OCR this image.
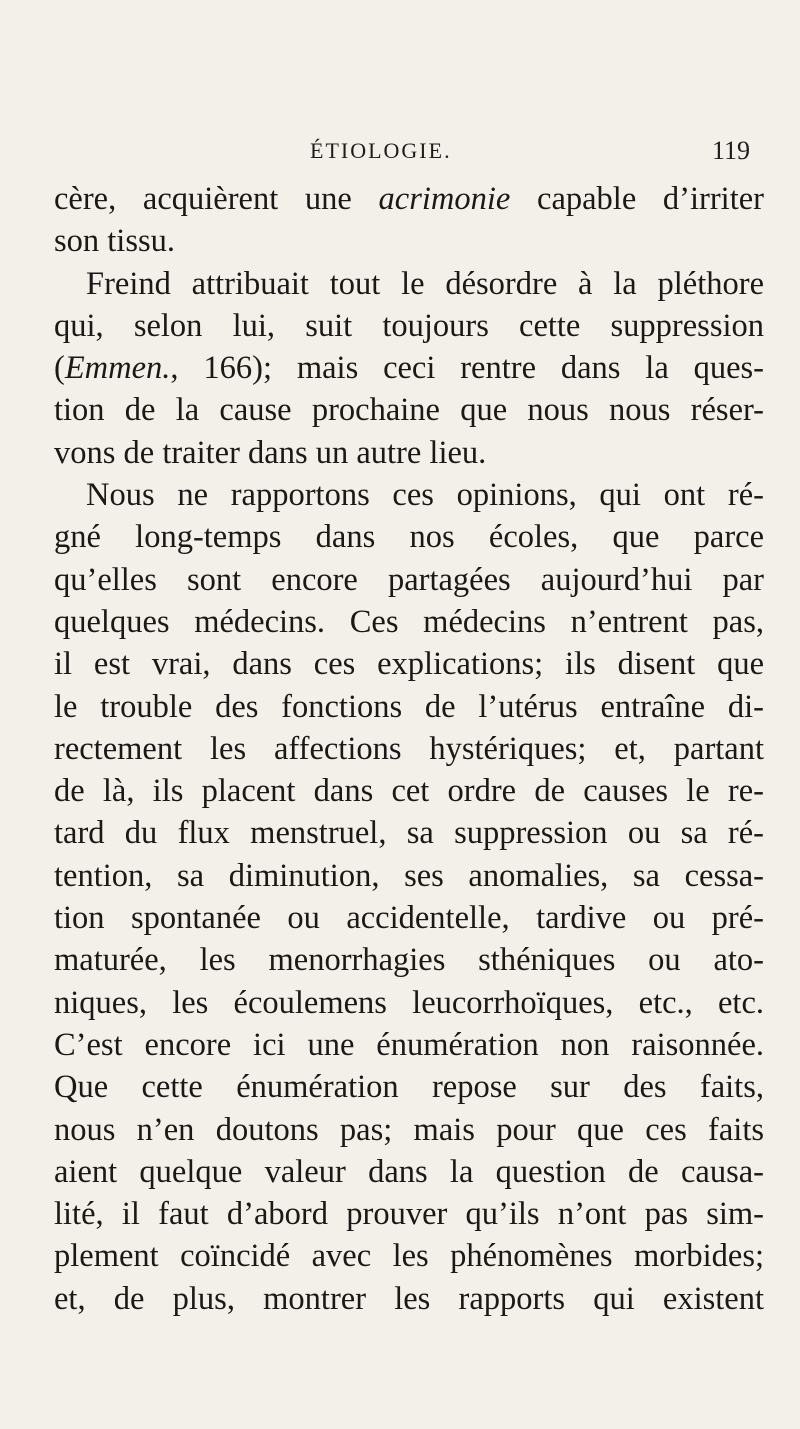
ÉTIOLOGIE.	119
cère, acquièrent une acrimonie capable d’irriter
son tissu.
Freind attribuait tout le désordre à la pléthore
qui, selon lui, suit toujours cette suppression
(Emmen., 166); mais ceci rentre dans la ques-
tion de la cause prochaine que nous nous réser-
vons de traiter dans un autre lieu.
Nous ne rapportons ces opinions, qui ont ré-
gné long-temps dans nos écoles, que parce
qu’elles sont encore partagées aujourd’hui par
quelques médecins. Ces médecins n’entrent pas,
il est vrai, dans ces explications; ils disent que
le trouble des fonctions de l’utérus entraîne di-
rectement les affections hystériques; et, partant
de là, ils placent dans cet ordre de causes le re-
tard du flux menstruel, sa suppression ou sa ré-
tention, sa diminution, ses anomalies, sa cessa-
tion spontanée ou accidentelle, tardive ou pré-
maturée, les menorrhagies sthéniques ou ato-
niques, les écoulemens leucorrhoïques, etc., etc.
C’est encore ici une énumération non raisonnée.
Que cette énumération repose sur des faits,
nous n’en doutons pas; mais pour que ces faits
aient quelque valeur dans la question de causa-
lité, il faut d’abord prouver qu’ils n’ont pas sim-
plement coïncidé avec les phénomènes morbides;
et, de plus, montrer les rapports qui existent
